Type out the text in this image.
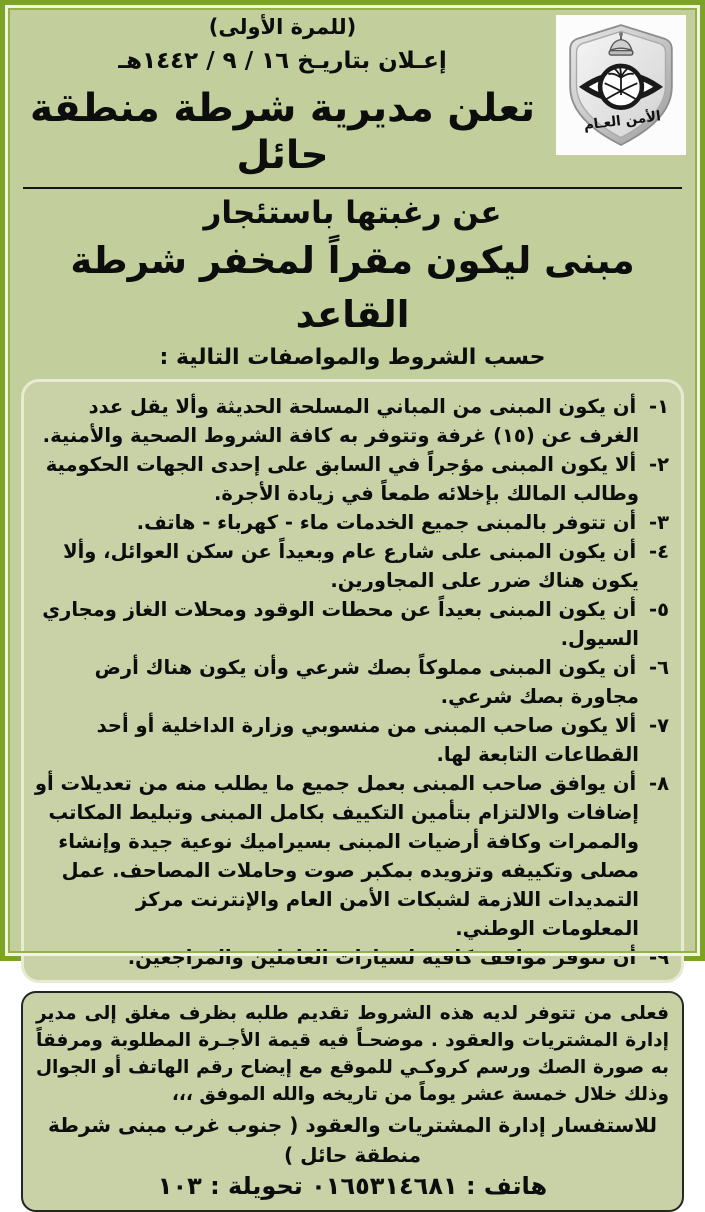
الأمن العـام
(للمرة الأولى)
إعـلان بتاريـخ ١٦ / ٩ / ١٤٤٢هـ
تعلن مديرية شرطة منطقة حائل
عن رغبتها باستئجار
مبنى ليكون مقراً لمخفر شرطة القاعد
حسب الشروط والمواصفات التالية :
١- أن يكون المبنى من المباني المسلحة الحديثة وألا يقل عدد الغرف عن (١٥) غرفة وتتوفر به كافة الشروط الصحية والأمنية.
٢- ألا يكون المبنى مؤجراً في السابق على إحدى الجهات الحكومية وطالب المالك بإخلائه طمعاً في زيادة الأجرة.
٣- أن تتوفر بالمبنى جميع الخدمات ماء - كهرباء - هاتف.
٤- أن يكون المبنى على شارع عام وبعيداً عن سكن العوائل، وألا يكون هناك ضرر على المجاورين.
٥- أن يكون المبنى بعيداً عن محطات الوقود ومحلات الغاز ومجاري السيول.
٦- أن يكون المبنى مملوكاً بصك شرعي وأن يكون هناك أرض مجاورة بصك شرعي.
٧- ألا يكون صاحب المبنى من منسوبي وزارة الداخلية أو أحد القطاعات التابعة لها.
٨- أن يوافق صاحب المبنى بعمل جميع ما يطلب منه من تعديلات أو إضافات والالتزام بتأمين التكييف بكامل المبنى وتبليط المكاتب والممرات وكافة أرضيات المبنى بسيراميك نوعية جيدة وإنشاء مصلى وتكييفه وتزويده بمكبر صوت وحاملات المصاحف. عمل التمديدات اللازمة لشبكات الأمن العام والإنترنت مركز المعلومات الوطني.
٩- أن تتوفر مواقف كافية لسيارات العاملين والمراجعين.
فعلى من تتوفر لديه هذه الشروط تقديم طلبه بظرف مغلق إلى مدير إدارة المشتريات والعقود . موضحـاً فيه قيمة الأجـرة المطلوبة ومرفقاً به صورة الصك ورسم كروكـي للموقع مع إيضاح رقم الهاتف أو الجوال وذلك خلال خمسة عشر يوماً من تاريخه والله الموفق ،،،
للاستفسار إدارة المشتريات والعقود ( جنوب غرب مبنى شرطة منطقة حائل )
هاتف : ٠١٦٥٣١٤٦٨١ تحويلة : ١٠٣
